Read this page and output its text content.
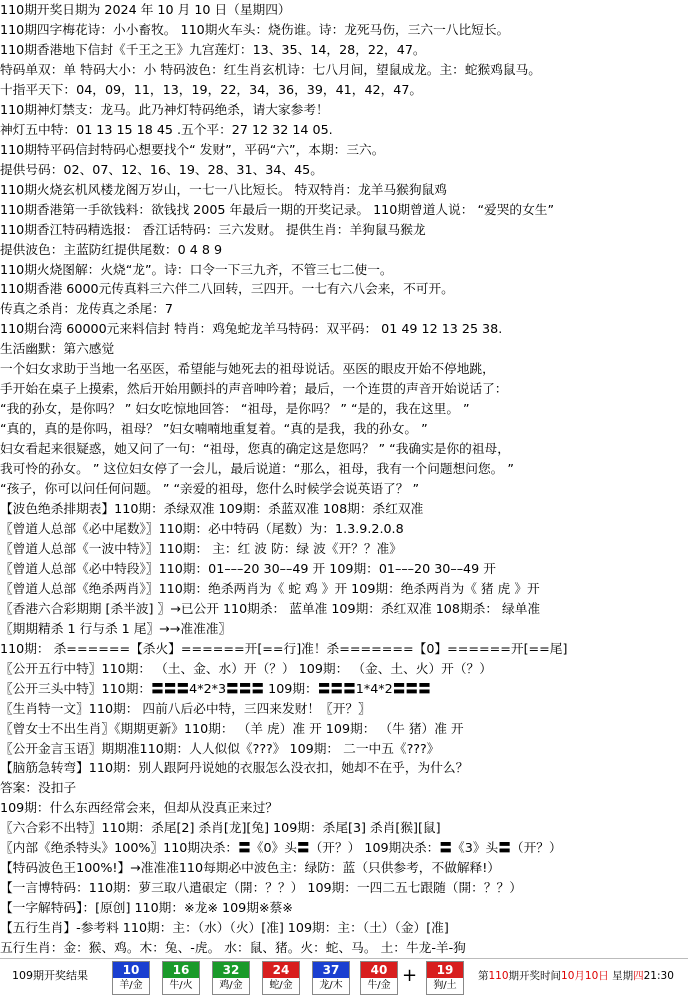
110期开奖日期为 2024 年 10 月 10 日（星期四）
110期四字梅花诗：小小畜牧。 110期火车头：烧伤谁。诗：龙死马伤，三六一八比短长。
110期香港地下信封《千王之王》九宫莲灯：13、35、14，28，22，47。
特码单双：单 特码大小：小 特码波色：红生肖玄机诗：七八月间，望鼠成龙。主：蛇猴鸡鼠马。
十指平天下：04，09，11，13，19，22，34，36，39，41，42，47。
110期神灯禁支：龙马。此乃神灯特码绝杀，请大家参考！
神灯五中特：01 13 15 18 45 .五个平：27 12 32 14 05.
110期特平码信封特码心想要找个“ 发财”，平码“六”，本期：三六。
提供号码：02、07、12、16、19、28、31、34、45。
110期火烧玄机风楼龙阁万岁山，一七一八比短长。 特双特肖：龙羊马猴狗鼠鸡
110期香港第一手欲钱料：欲钱找 2005 年最后一期的开奖记录。 110期曾道人说： “爱哭的女生”
110期香江特码精选报： 香江话特码：三六发财。 提供生肖：羊狗鼠马猴龙
提供波色：主蓝防红提供尾数：0 4 8 9
110期火烧图解：火烧“龙”。诗：口令一下三九齐，不管三七二使一。
110期香港 6000元传真料三六伴二八回转，三四开。一七有六八会来，不可开。
传真之杀肖：龙传真之杀尾：7
110期台湾 60000元来料信封 特肖：鸡兔蛇龙羊马特码：双平码： 01 49 12 13 25 38.
生活幽默：第六感觉
一个妇女求助于当地一名巫医，希望能与她死去的祖母说话。巫医的眼皮开始不停地跳，
手开始在桌子上摸索，然后开始用颤抖的声音呻吟着；最后，一个连贯的声音开始说话了：
“我的孙女，是你吗？ ” 妇女吃惊地回答： “祖母，是你吗？ ” “是的，我在这里。 ”
“真的，真的是你吗，祖母？ ”妇女喃喃地重复着。“真的是我，我的孙女。 ”
妇女看起来很疑惑，她又问了一句：“祖母，您真的确定这是您吗？ ” “我确实是你的祖母，
我可怜的孙女。 ” 这位妇女停了一会儿，最后说道：“那么，祖母，我有一个问题想问您。 ”
“孩子，你可以问任何问题。 ” “亲爱的祖母，您什么时候学会说英语了？ ”
【波色绝杀排期表】110期：杀绿双准 109期：杀蓝双准 108期：杀红双准
〖曾道人总部《必中尾数》〗110期：必中特码（尾数）为：1.3.9.2.0.8
〖曾道人总部《一波中特》〗110期： 主：红 波 防：绿 波《开？？准》
〖曾道人总部《必中特段》〗110期：01–––20 30––49 开 109期：01–––20 30––49 开
〖曾道人总部《绝杀两肖》〗110期：绝杀两肖为《 蛇 鸡 》开 109期：绝杀两肖为《 猪 虎 》开
〖香港六合彩期期 [杀半波] 〗→已公开 110期杀： 蓝单准 109期：杀红双准 108期杀： 绿单准
〖期期精杀 1 行与杀 1 尾〗→→准准准〗
110期： 杀======【杀火】======开[==行]准！杀=======【0】======开[==尾]
〖公开五行中特〗110期： （土、金、水）开（？） 109期： （金、土、火）开（？）
〖公开三头中特〗110期：〓〓〓4*2*3〓〓〓 109期：〓〓〓1*4*2〓〓〓
〖生肖特一文〗110期： 四前八后必中特，三四来发财！〖开？〗
〖曾女士不出生肖〗《期期更新》110期： （羊 虎）准 开 109期： （牛 猪）准 开
〖公开金言玉语〗期期准110期：人人似似《???》 109期： 二一中五《???》
【脑筋急转弯】110期：别人跟阿丹说她的衣服怎么没衣扣，她却不在乎，为什么？
答案：没扣子
109期：什么东西经常会来，但却从没真正来过？
〖六合彩不出特〗110期：杀尾[2] 杀肖[龙][兔] 109期：杀尾[3] 杀肖[猴][鼠]
〖内部《绝杀特头》100%〗110期决杀：〓《0》头〓（开？） 109期决杀：〓《3》头〓（开？）
【特码波色王100%!】→准准准110每期必中波色主：绿防：蓝（只供参考，不做解释!）
【一言博特码：110期：萝三取八遣硍定（開：？？） 109期：一四二五七跟随（開：？？）
【一字解特码】：[原创] 110期：※龙※ 109期※蔡※
【五行生肖】-参考料 110期：主：（水）（火）[准] 109期：主：（土）（金）[准]
五行生肖：金：猴、鸡。木：兔、-虎。 水：鼠、猪。火：蛇、马。 土：牛龙-羊-狗
109期开奖结果	10
羊/金
16
牛/火
32
鸡/金
24
蛇/金
37
龙/木
40
牛/金 +	19
狗/土
第110期开奖时间10月10日 星期四21:30
